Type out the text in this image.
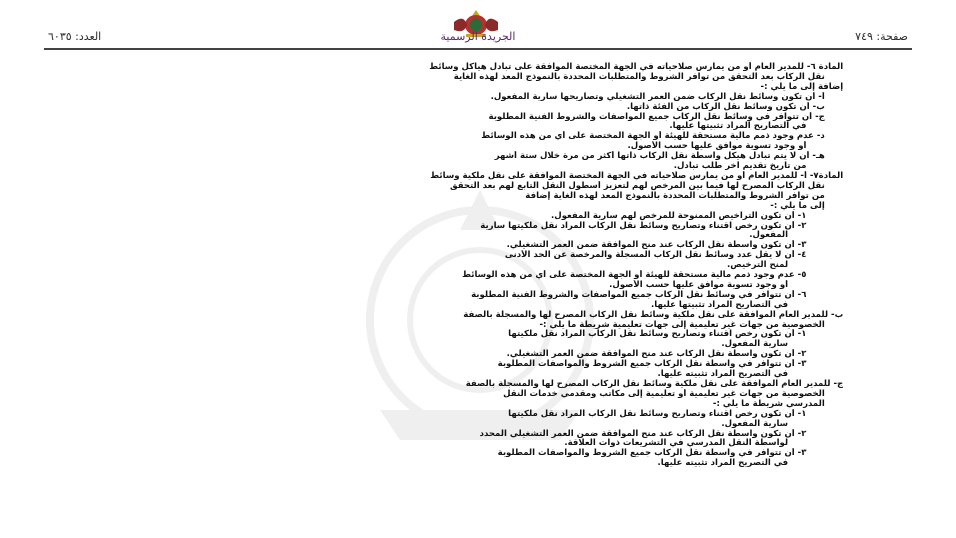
صفحة: ٧٤٩
الجريدة الرسمية
العدد: ٦٠٣٥

المادة ٦- للمدير العام أو من يمارس صلاحياته في الجهة المختصة الموافقة على تبادل هياكل وسائط

نقل الركاب بعد التحقق من توافر الشروط والمتطلبات المحددة بالنموذج المعد لهذه الغاية

إضافة إلى ما يلي :-

أ- أن تكون وسائط نقل الركاب ضمن العمر التشغيلي وتصاريحها سارية المفعول.

ب- أن تكون وسائط نقل الركاب من الفئة ذاتها.

ج- أن تتوافر في وسائط نقل الركاب جميع المواصفات والشروط الفنية المطلوبة

في التصاريح المراد تثبيتها عليها.

د- عدم وجود ذمم مالية مستحقة للهيئة أو الجهة المختصة على أي من هذه الوسائط

أو وجود تسوية موافق عليها حسب الأصول.

هـ- أن لا يتم تبادل هيكل واسطة نقل الركاب ذاتها أكثر من مرة خلال ستة أشهر

من تاريخ تقديم آخر طلب تبادل.

المادة٧- أ- للمدير العام أو من يمارس صلاحياته في الجهة المختصة الموافقة على نقل ملكية وسائط

نقل الركاب المصرح لها فيما بين المرخص لهم لتعزيز أسطول النقل التابع لهم بعد التحقق

من توافر الشروط والمتطلبات المحددة بالنموذج المعد لهذه الغاية إضافة

إلى ما يلي :-

١- أن تكون التراخيص الممنوحة للمرخص لهم سارية المفعول.

٢- أن تكون رخص اقتناء وتصاريح وسائط نقل الركاب المراد نقل ملكيتها سارية

المفعول.

٣- أن تكون واسطة نقل الركاب عند منح الموافقة ضمن العمر التشغيلي.

٤- أن لا يقل عدد وسائط نقل الركاب المسجلة والمرخصة عن الحد الأدنى

لمنح الترخيص.

٥- عدم وجود ذمم مالية مستحقة للهيئة أو الجهة المختصة على أي من هذه الوسائط

أو وجود تسوية موافق عليها حسب الأصول.

٦- أن تتوافر في وسائط نقل الركاب جميع المواصفات والشروط الفنية المطلوبة

في التصاريح المراد تثبيتها عليها.

ب- للمدير العام الموافقة على نقل ملكية وسائط نقل الركاب المصرح لها والمسجلة بالصفة

الخصوصية من جهات غير تعليمية إلى جهات تعليمية شريطة ما يلي :-

١- أن تكون رخص اقتناء وتصاريح وسائط نقل الركاب المراد نقل ملكيتها

سارية المفعول.

٢- أن تكون واسطة نقل الركاب عند منح الموافقة ضمن العمر التشغيلي.

٣- أن تتوافر في واسطة نقل الركاب جميع الشروط والمواصفات المطلوبة

في التصريح المراد تثبيته عليها.

ج- للمدير العام الموافقة على نقل ملكية وسائط نقل الركاب المصرح لها والمسجلة بالصفة

الخصوصية من جهات غير تعليمية أو تعليمية إلى مكاتب ومقدمي خدمات النقل

المدرسي شريطة ما يلي :-

١- أن تكون رخص اقتناء وتصاريح وسائط نقل الركاب المراد نقل ملكيتها

سارية المفعول.

٢- أن تكون واسطة نقل الركاب عند منح الموافقة ضمن العمر التشغيلي المحدد

لواسطة النقل المدرسي في التشريعات ذوات العلاقة.

٣- أن تتوافر في واسطة نقل الركاب جميع الشروط والمواصفات المطلوبة

في التصريح المراد تثبيته عليها.
